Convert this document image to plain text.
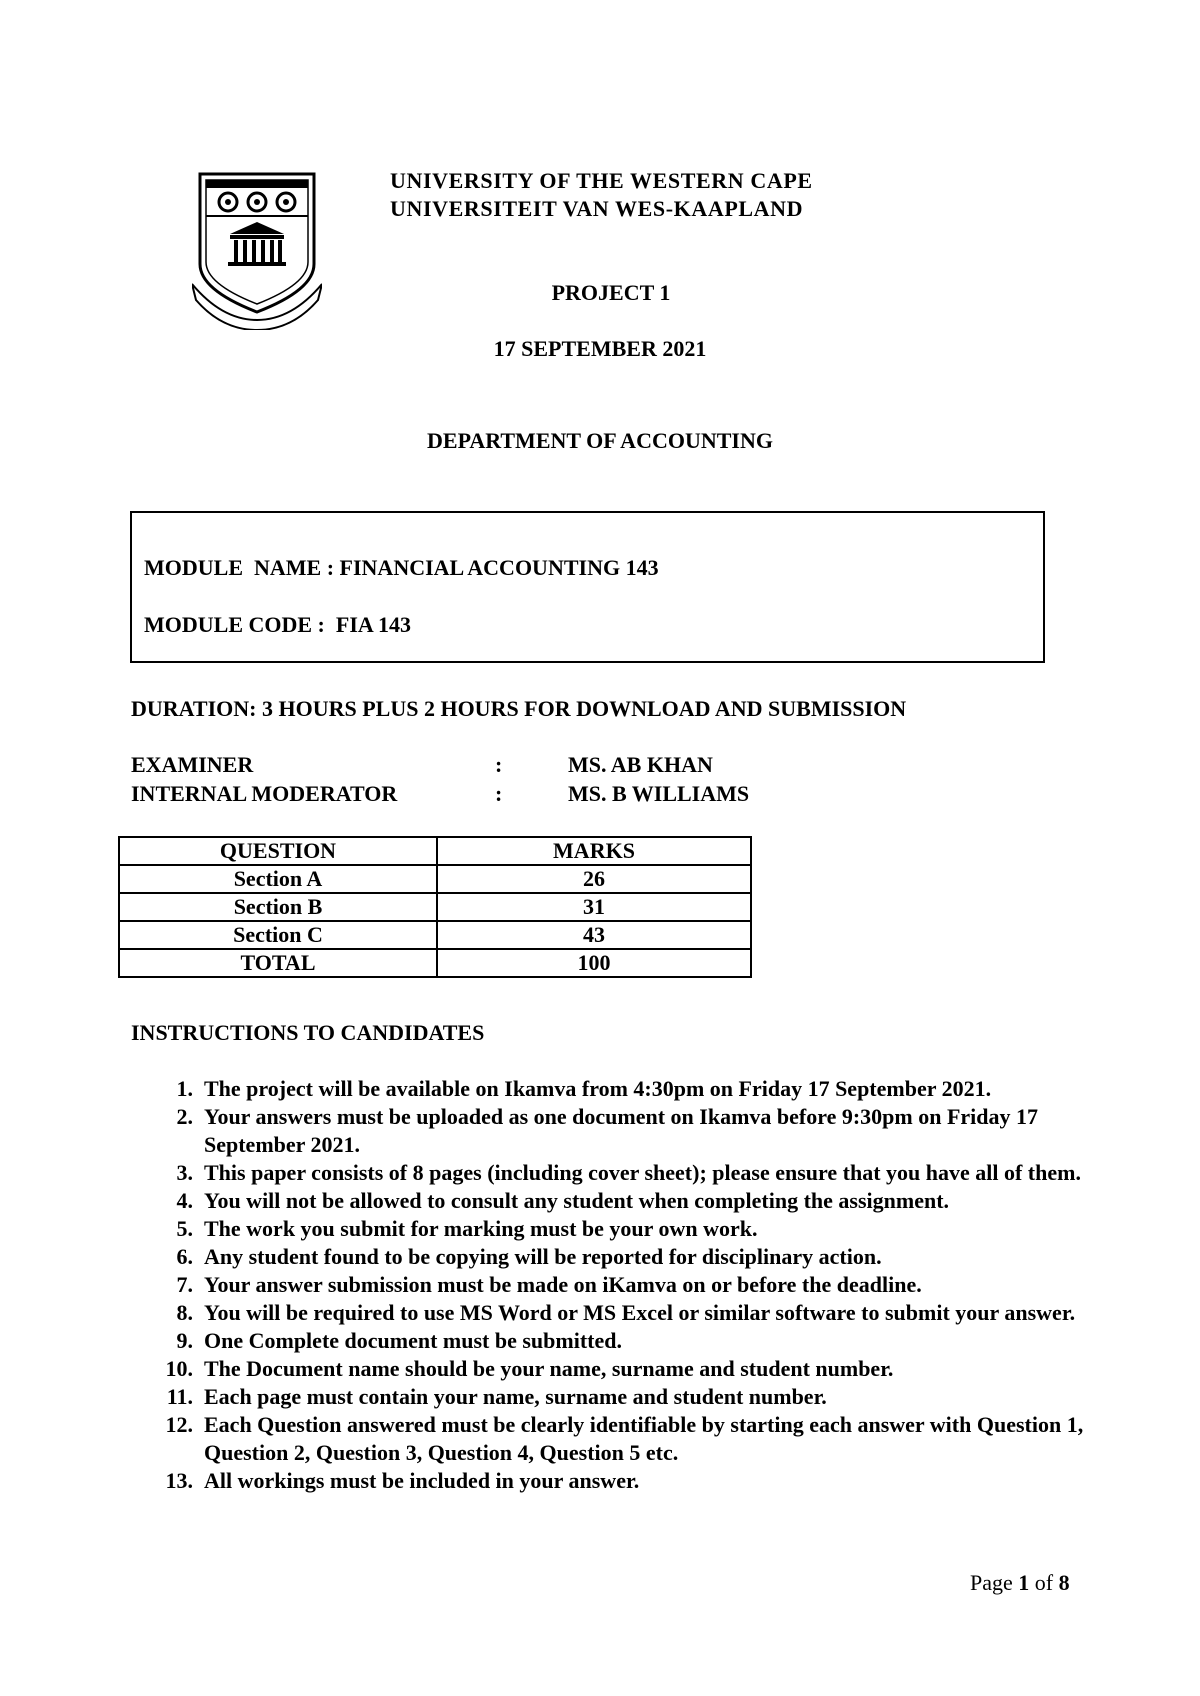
UNIVERSITY OF THE WESTERN CAPE
UNIVERSITEIT VAN WES-KAAPLAND
PROJECT 1
17 SEPTEMBER 2021
DEPARTMENT OF ACCOUNTING
MODULE  NAME : FINANCIAL ACCOUNTING 143
MODULE CODE :  FIA 143
DURATION: 3 HOURS PLUS 2 HOURS FOR DOWNLOAD AND SUBMISSION
EXAMINER	:	MS. AB KHAN
INTERNAL MODERATOR	:	MS. B WILLIAMS
QUESTION	MARKS
Section A	26
Section B	31
Section C	43
TOTAL	100
INSTRUCTIONS TO CANDIDATES
1. The project will be available on Ikamva from 4:30pm on Friday 17 September 2021.
2. Your answers must be uploaded as one document on Ikamva before 9:30pm on Friday 17 September 2021.
3. This paper consists of 8 pages (including cover sheet); please ensure that you have all of them.
4. You will not be allowed to consult any student when completing the assignment.
5. The work you submit for marking must be your own work.
6. Any student found to be copying will be reported for disciplinary action.
7. Your answer submission must be made on iKamva on or before the deadline.
8. You will be required to use MS Word or MS Excel or similar software to submit your answer.
9. One Complete document must be submitted.
10. The Document name should be your name, surname and student number.
11. Each page must contain your name, surname and student number.
12. Each Question answered must be clearly identifiable by starting each answer with Question 1, Question 2, Question 3, Question 4, Question 5 etc.
13. All workings must be included in your answer.
Page 1 of 8
